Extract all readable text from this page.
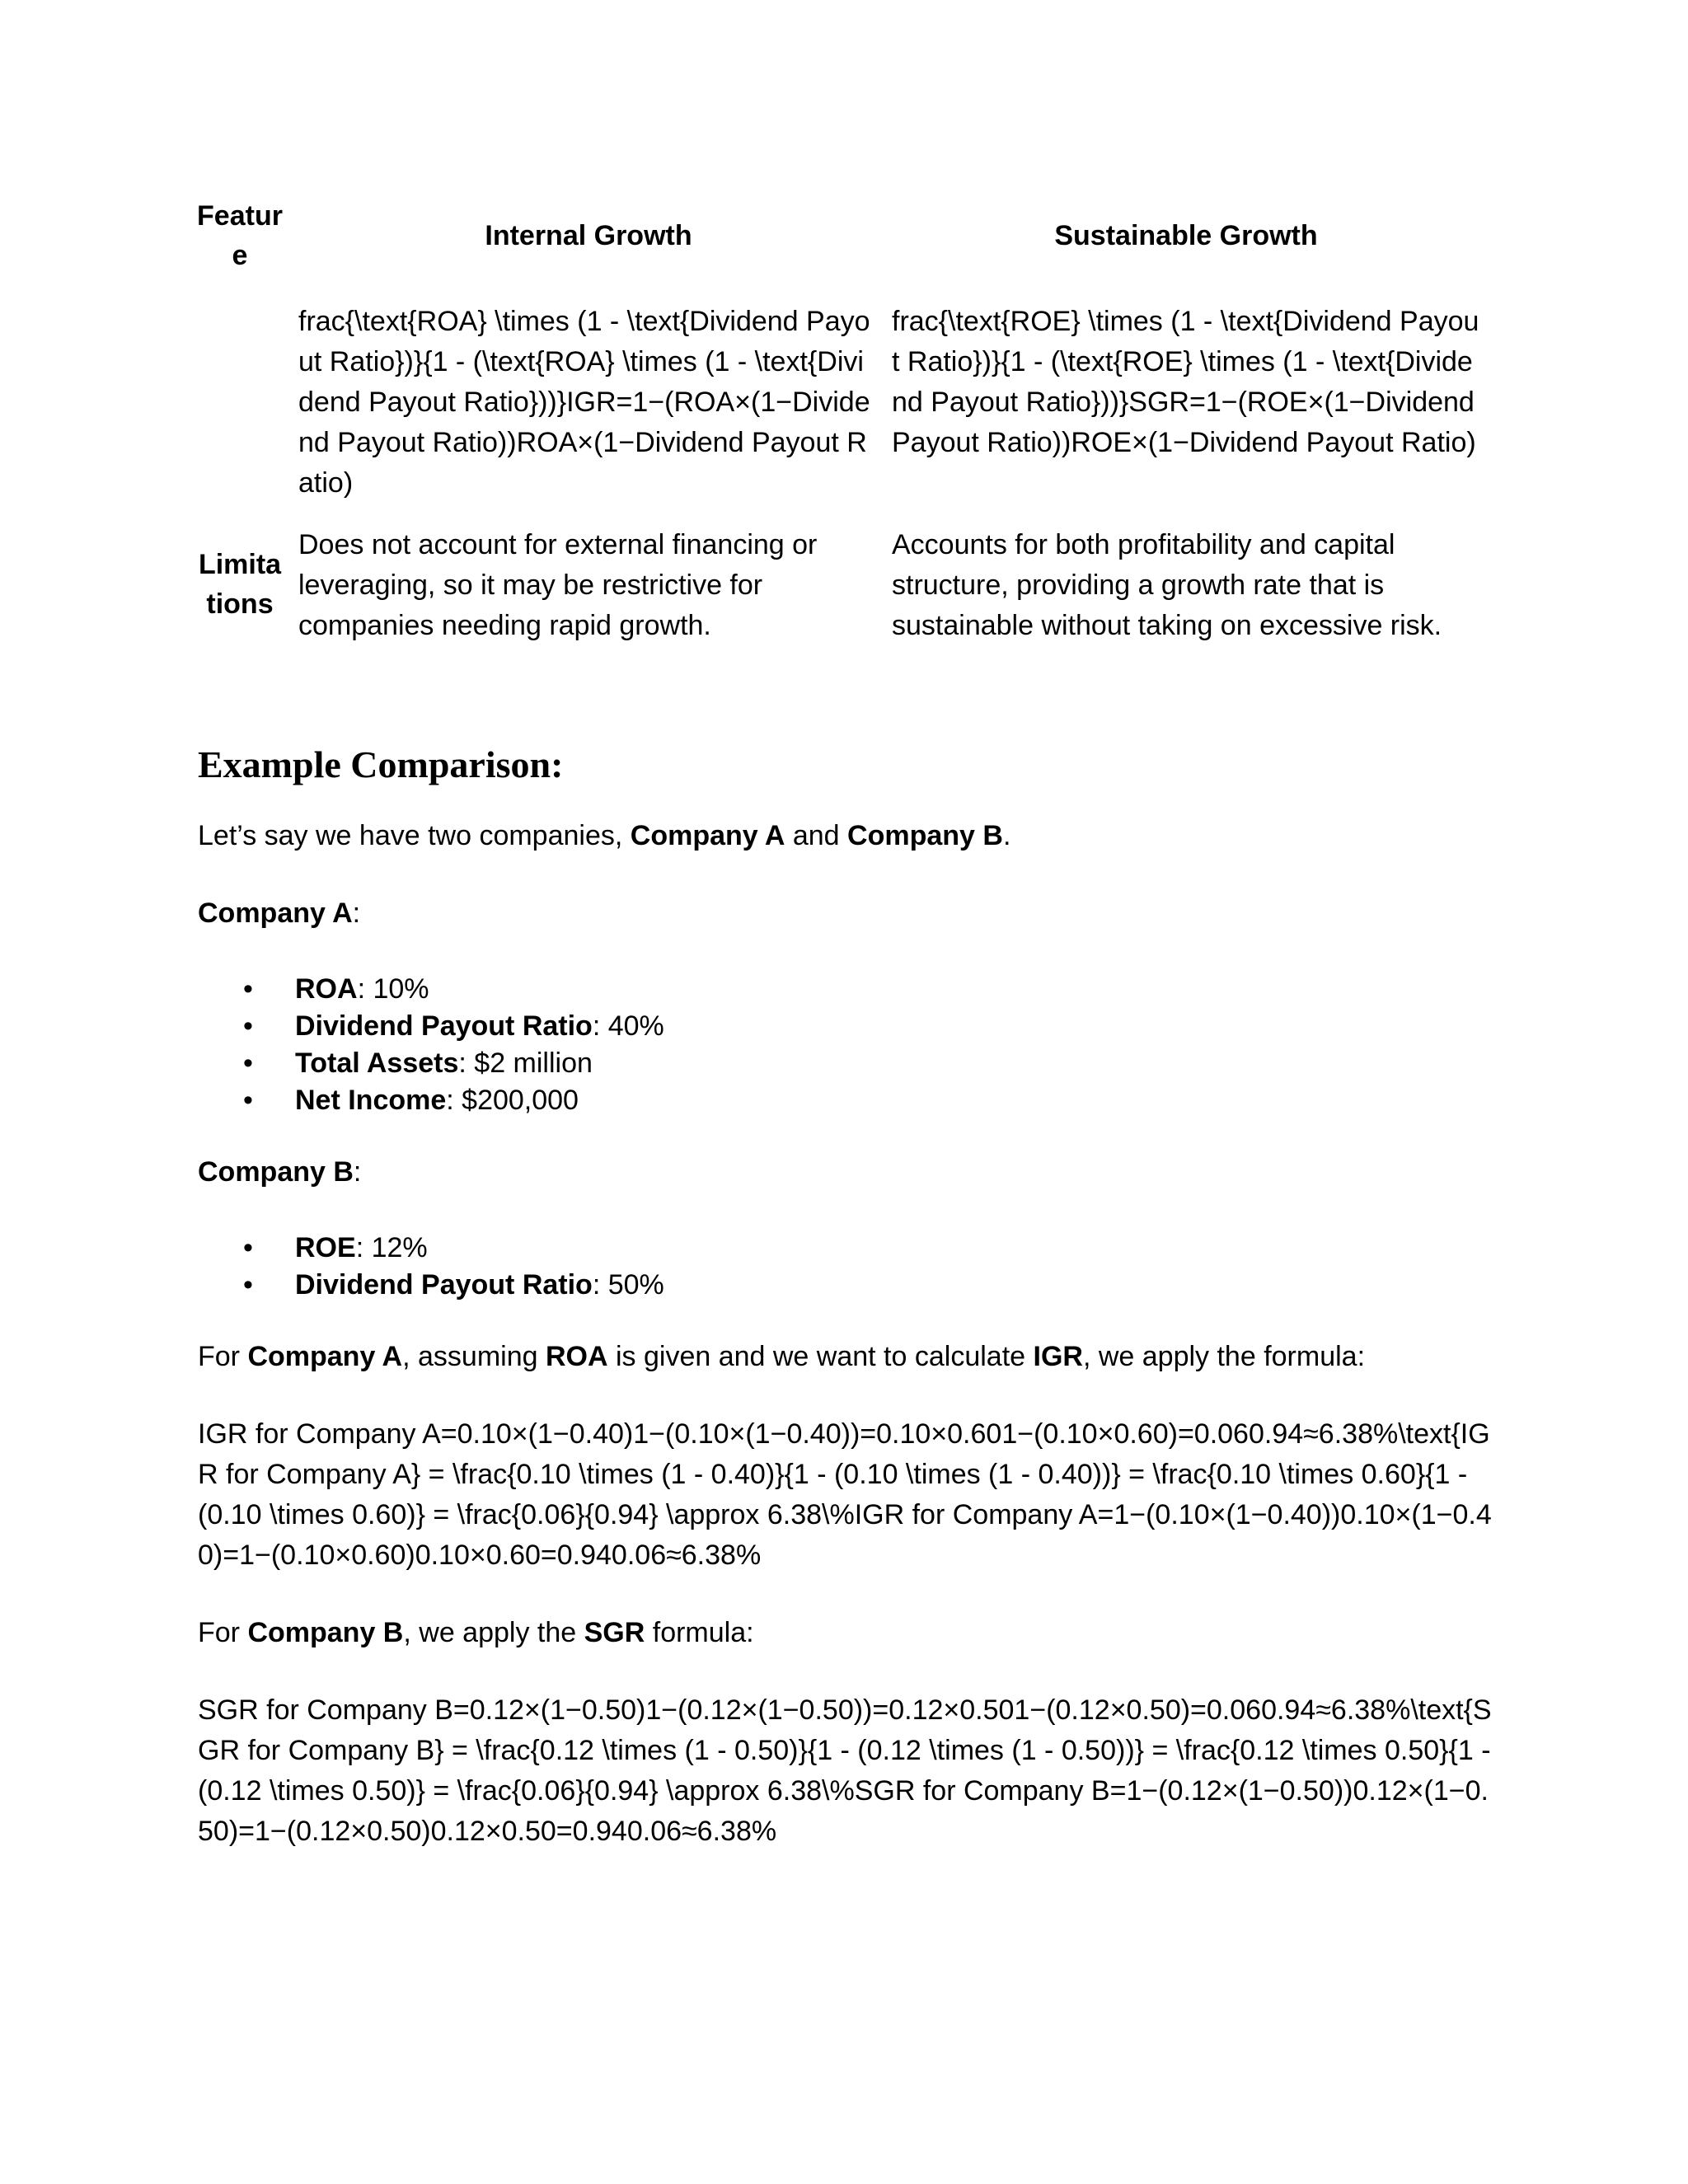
Feature
Internal Growth	Sustainable Growth
frac{\text{ROA} \times (1 - \text{Dividend Payout Ratio})}{1 - (\text{ROA} \times (1 - \text{Dividend Payout Ratio}))}IGR=1−(ROA×(1−Dividend Payout Ratio))ROA×(1−Dividend Payout Ratio)
frac{\text{ROE} \times (1 - \text{Dividend Payout Ratio})}{1 - (\text{ROE} \times (1 - \text{Dividend Payout Ratio}))}SGR=1−(ROE×(1−Dividend Payout Ratio))ROE×(1−Dividend Payout Ratio)
Limitations
Does not account for external financing or leveraging, so it may be restrictive for companies needing rapid growth.
Accounts for both profitability and capital structure, providing a growth rate that is sustainable without taking on excessive risk.
Example Comparison:

Let’s say we have two companies, Company A and Company B.

Company A:

• ROA: 10%
• Dividend Payout Ratio: 40%
• Total Assets: $2 million
• Net Income: $200,000

Company B:

• ROE: 12%
• Dividend Payout Ratio: 50%

For Company A, assuming ROA is given and we want to calculate IGR, we apply the formula:

IGR for Company A=0.10×(1−0.40)1−(0.10×(1−0.40))=0.10×0.601−(0.10×0.60)=0.060.94≈6.38%\text{IGR for Company A} = \frac{0.10 \times (1 - 0.40)}{1 - (0.10 \times (1 - 0.40))} = \frac{0.10 \times 0.60}{1 - (0.10 \times 0.60)} = \frac{0.06}{0.94} \approx 6.38\%IGR for Company A=1−(0.10×(1−0.40))0.10×(1−0.40)=1−(0.10×0.60)0.10×0.60=0.940.06≈6.38%

For Company B, we apply the SGR formula:

SGR for Company B=0.12×(1−0.50)1−(0.12×(1−0.50))=0.12×0.501−(0.12×0.50)=0.060.94≈6.38%\text{SGR for Company B} = \frac{0.12 \times (1 - 0.50)}{1 - (0.12 \times (1 - 0.50))} = \frac{0.12 \times 0.50}{1 - (0.12 \times 0.50)} = \frac{0.06}{0.94} \approx 6.38\%SGR for Company B=1−(0.12×(1−0.50))0.12×(1−0.50)=1−(0.12×0.50)0.12×0.50=0.940.06≈6.38%
